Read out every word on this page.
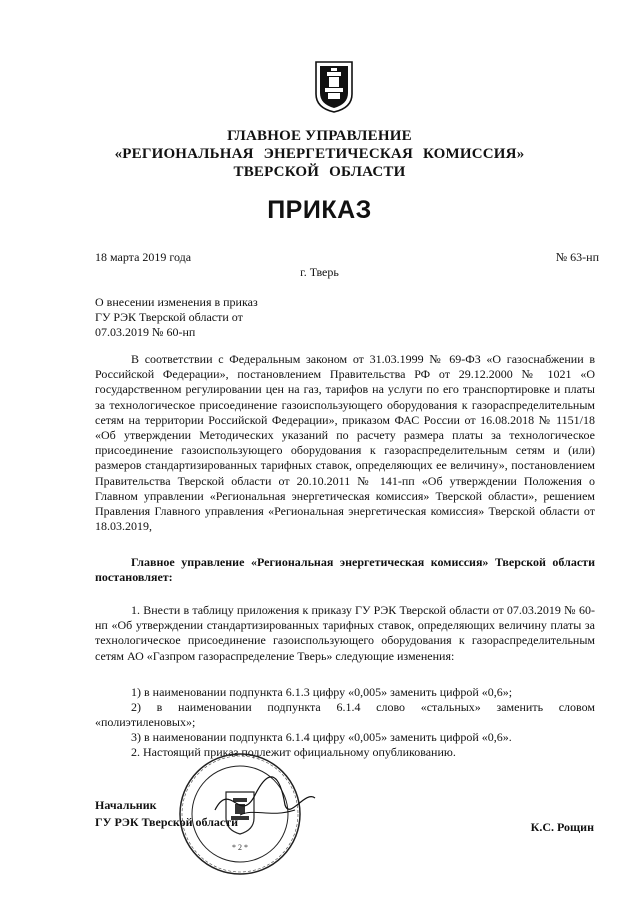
ГЛАВНОЕ УПРАВЛЕНИЕ
«РЕГИОНАЛЬНАЯ ЭНЕРГЕТИЧЕСКАЯ КОМИССИЯ»
ТВЕРСКОЙ ОБЛАСТИ
ПРИКАЗ
18 марта 2019 года	№ 63-нп
г. Тверь
О внесении изменения в приказ
ГУ РЭК Тверской области от
07.03.2019 № 60-нп
В соответствии с Федеральным законом от 31.03.1999 № 69-ФЗ «О газоснабжении в Российской Федерации», постановлением Правительства РФ от 29.12.2000 № 1021 «О государственном регулировании цен на газ, тарифов на услуги по его транспортировке и платы за технологическое присоединение газоиспользующего оборудования к газораспределительным сетям на территории Российской Федерации», приказом ФАС России от 16.08.2018 № 1151/18 «Об утверждении Методических указаний по расчету размера платы за технологическое присоединение газоиспользующего оборудования к газораспределительным сетям и (или) размеров стандартизированных тарифных ставок, определяющих ее величину», постановлением Правительства Тверской области от 20.10.2011 № 141-пп «Об утверждении Положения о Главном управлении «Региональная энергетическая комиссия» Тверской области», решением Правления Главного управления «Региональная энергетическая комиссия» Тверской области от 18.03.2019,
Главное управление «Региональная энергетическая комиссия» Тверской области постановляет:
1. Внести в таблицу приложения к приказу ГУ РЭК Тверской области от 07.03.2019 № 60-нп «Об утверждении стандартизированных тарифных ставок, определяющих величину платы за технологическое присоединение газоиспользующего оборудования к газораспределительным сетям АО «Газпром газораспределение Тверь» следующие изменения:
1) в наименовании подпункта 6.1.3 цифру «0,005» заменить цифрой «0,6»;
2) в наименовании подпункта 6.1.4 слово «стальных» заменить словом «полиэтиленовых»;
3) в наименовании подпункта 6.1.4 цифру «0,005» заменить цифрой «0,6».
2. Настоящий приказ подлежит официальному опубликованию.
* 2 *
Начальник
ГУ РЭК Тверской области	К.С. Рощин
